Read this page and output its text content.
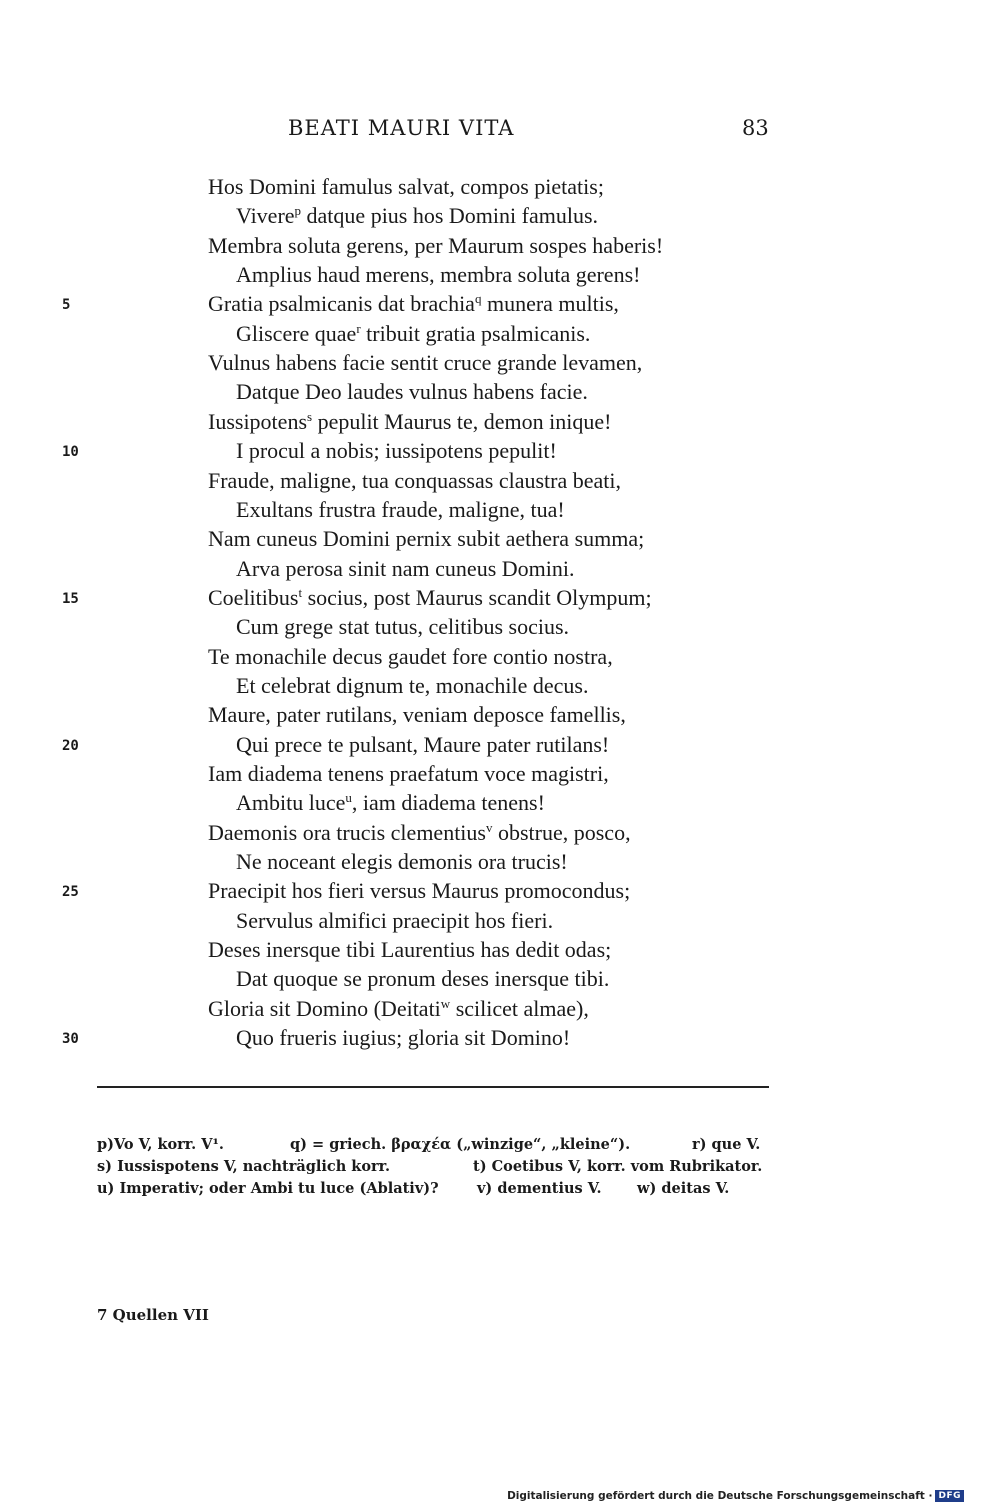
BEATI MAURI VITA	83
Hos Domini famulus salvat, compos pietatis;
Vivere$^p$ datque pius hos Domini famulus.
Membra soluta gerens, per Maurum sospes haberis!
Amplius haud merens, membra soluta gerens!
Gratia psalmicanis dat brachia$^q$ munera multis,
Gliscere quae$^r$ tribuit gratia psalmicanis.
Vulnus habens facie sentit cruce grande levamen,
Datque Deo laudes vulnus habens facie.
Iussipotens$^s$ pepulit Maurus te, demon inique!
I procul a nobis; iussipotens pepulit!
Fraude, maligne, tua conquassas claustra beati,
Exultans frustra fraude, maligne, tua!
Nam cuneus Domini pernix subit aethera summa;
Arva perosa sinit nam cuneus Domini.
Coelitibus$^t$ socius, post Maurus scandit Olympum;
Cum grege stat tutus, celitibus socius.
Te monachile decus gaudet fore contio nostra,
Et celebrat dignum te, monachile decus.
Maure, pater rutilans, veniam deposce famellis,
Qui prece te pulsant, Maure pater rutilans!
Iam diadema tenens praefatum voce magistri,
Ambitu luce$^u$, iam diadema tenens!
Daemonis ora trucis clementius$^v$ obstrue, posco,
Ne noceant elegis demonis ora trucis!
Praecipit hos fieri versus Maurus promocondus;
Servulus almifici praecipit hos fieri.
Deses inersque tibi Laurentius has dedit odas;
Dat quoque se pronum deses inersque tibi.
Gloria sit Domino (Deitati$^w$ scilicet almae),
Quo frueris iugius; gloria sit Domino!
5
10
15
20
25
30
p)Vo V, korr. V¹.	q) = griech. βραχέα („winzige“, „kleine“).	r) que V.
s) Iussispotens V, nachträglich korr.	t) Coetibus V, korr. vom Rubrikator.
u) Imperativ; oder Ambi tu luce (Ablativ)?	v) dementius V. w) deitas V.
7 Quellen VII
Digitalisierung gefördert durch die Deutsche Forschungsgemeinschaft · DFG
